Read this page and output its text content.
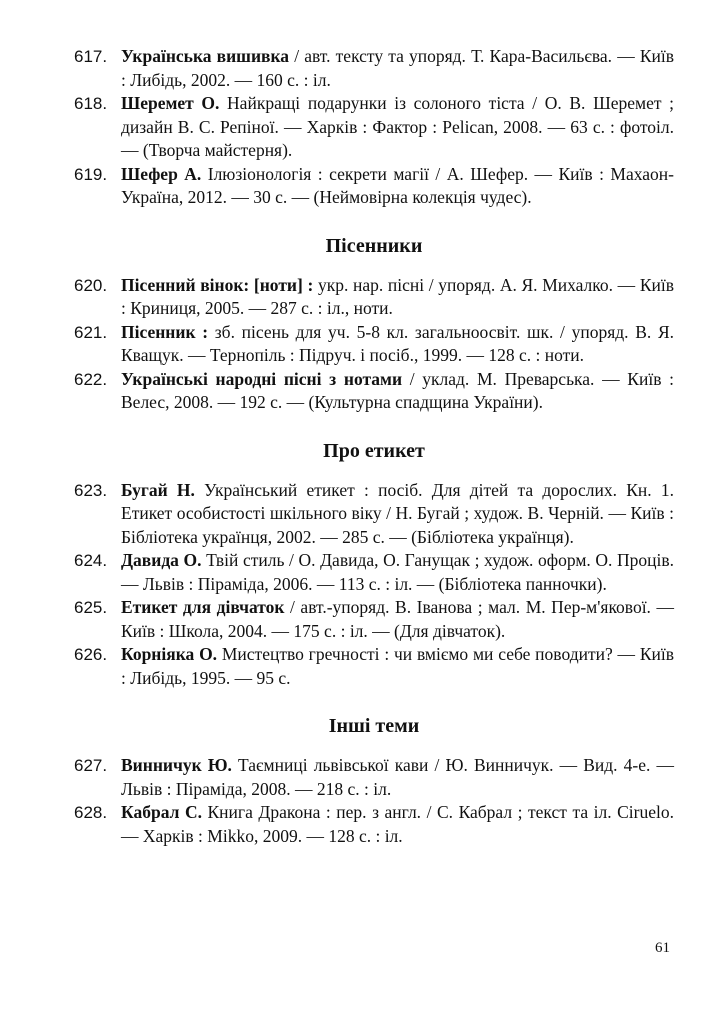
617. Українська вишивка / авт. тексту та упоряд. Т. Кара-Васильєва. — Київ : Либідь, 2002. — 160 с. : іл.

618. Шеремет О. Найкращі подарунки із солоного тіста / О. В. Шеремет ; дизайн В. С. Репіної. — Харків : Фактор : Pelican, 2008. — 63 с. : фотоіл. — (Творча майстерня).

619. Шефер А. Ілюзіонологія : секрети магії / А. Шефер. — Київ : Махаон-Україна, 2012. — 30 с. — (Неймовірна колекція чудес).

Пісенники

620. Пісенний вінок: [ноти] : укр. нар. пісні / упоряд. А. Я. Михалко. — Київ : Криниця, 2005. — 287 с. : іл., ноти.

621. Пісенник : зб. пісень для уч. 5-8 кл. загальноосвіт. шк. / упоряд. В. Я. Кващук. — Тернопіль : Підруч. і посіб., 1999. — 128 с. : ноти.

622. Українські народні пісні з нотами / уклад. М. Преварська. — Київ : Велес, 2008. — 192 с. — (Культурна спадщина України).

Про етикет

623. Бугай Н. Український етикет : посіб. Для дітей та дорослих. Кн. 1. Етикет особистості шкільного віку / Н. Бугай ; худож. В. Черній. — Київ : Бібліотека українця, 2002. — 285 с. — (Бібліотека українця).

624. Давида О. Твій стиль / О. Давида, О. Ганущак ; худож. оформ. О. Проців. — Львів : Піраміда, 2006. — 113 с. : іл. — (Бібліотека панночки).

625. Етикет для дівчаток / авт.-упоряд. В. Іванова ; мал. М. Пер-м'якової. — Київ : Школа, 2004. — 175 с. : іл. — (Для дівчаток).

626. Корніяка О. Мистецтво гречності : чи вміємо ми себе поводити? — Київ : Либідь, 1995. — 95 с.

Інші теми

627. Винничук Ю. Таємниці львівської кави / Ю. Винничук. — Вид. 4-е. — Львів : Піраміда, 2008. — 218 с. : іл.

628. Кабрал С. Книга Дракона : пер. з англ. / С. Кабрал ; текст та іл. Ciruelo. — Харків : Mikko, 2009. — 128 с. : іл.

61
